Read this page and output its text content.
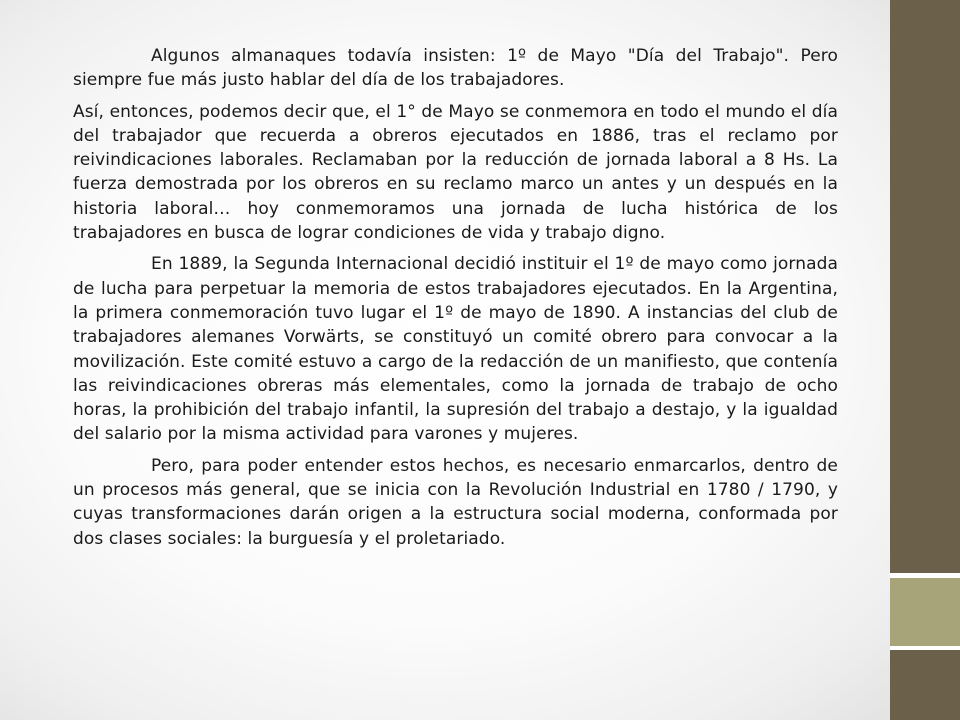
Algunos almanaques todavía insisten: 1º de Mayo "Día del Trabajo". Pero siempre fue más justo hablar del día de los trabajadores.

Así, entonces, podemos decir que, el 1° de Mayo se conmemora en todo el mundo el día del trabajador que recuerda a obreros ejecutados en 1886, tras el reclamo por reivindicaciones laborales. Reclamaban por la reducción de jornada laboral a 8 Hs. La fuerza demostrada por los obreros en su reclamo marco un antes y un después en la historia laboral… hoy conmemoramos una jornada de lucha histórica de los trabajadores en busca de lograr condiciones de vida y trabajo digno.

En 1889, la Segunda Internacional decidió instituir el 1º de mayo como jornada de lucha para perpetuar la memoria de estos trabajadores ejecutados. En la Argentina, la primera conmemoración tuvo lugar el 1º de mayo de 1890. A instancias del club de trabajadores alemanes Vorwärts, se constituyó un comité obrero para convocar a la movilización. Este comité estuvo a cargo de la redacción de un manifiesto, que contenía las reivindicaciones obreras más elementales, como la jornada de trabajo de ocho horas, la prohibición del trabajo infantil, la supresión del trabajo a destajo, y la igualdad del salario por la misma actividad para varones y mujeres.

Pero, para poder entender estos hechos, es necesario enmarcarlos, dentro de un procesos más general, que se inicia con la Revolución Industrial en 1780 / 1790, y cuyas transformaciones darán origen a la estructura social moderna, conformada por dos clases sociales: la burguesía y el proletariado.
